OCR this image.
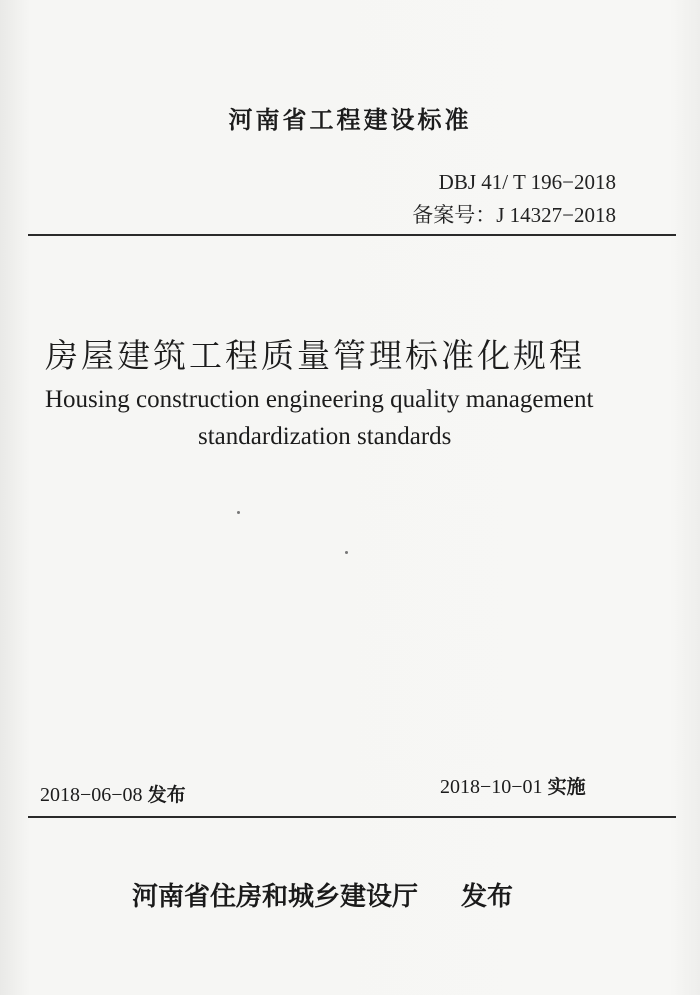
河南省工程建设标准
DBJ 41/ T 196−2018
备案号：J 14327−2018
房屋建筑工程质量管理标准化规程
Housing construction engineering quality management
standardization standards
2018−06−08 发布	2018−10−01 实施
河南省住房和城乡建设厅 发布
